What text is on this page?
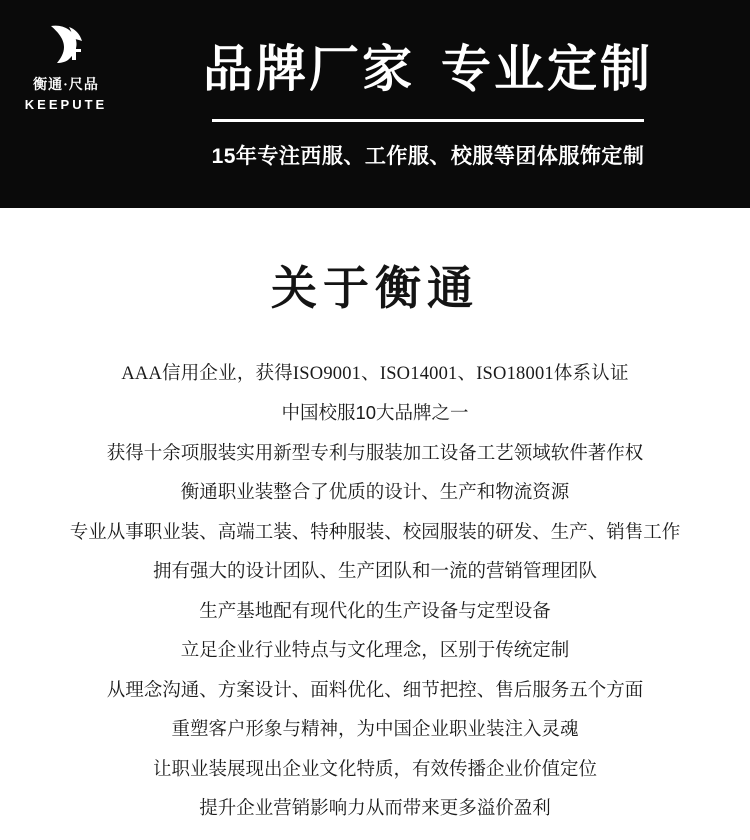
衡通·尺品
KEEPUTE
品牌厂家 专业定制
15年专注西服、工作服、校服等团体服饰定制
关于衡通
AAA信用企业，获得ISO9001、ISO14001、ISO18001体系认证
中国校服10大品牌之一
获得十余项服装实用新型专利与服装加工设备工艺领域软件著作权
衡通职业装整合了优质的设计、生产和物流资源
专业从事职业装、高端工装、特种服装、校园服装的研发、生产、销售工作
拥有强大的设计团队、生产团队和一流的营销管理团队
生产基地配有现代化的生产设备与定型设备
立足企业行业特点与文化理念，区别于传统定制
从理念沟通、方案设计、面料优化、细节把控、售后服务五个方面
重塑客户形象与精神，为中国企业职业装注入灵魂
让职业装展现出企业文化特质，有效传播企业价值定位
提升企业营销影响力从而带来更多溢价盈利
